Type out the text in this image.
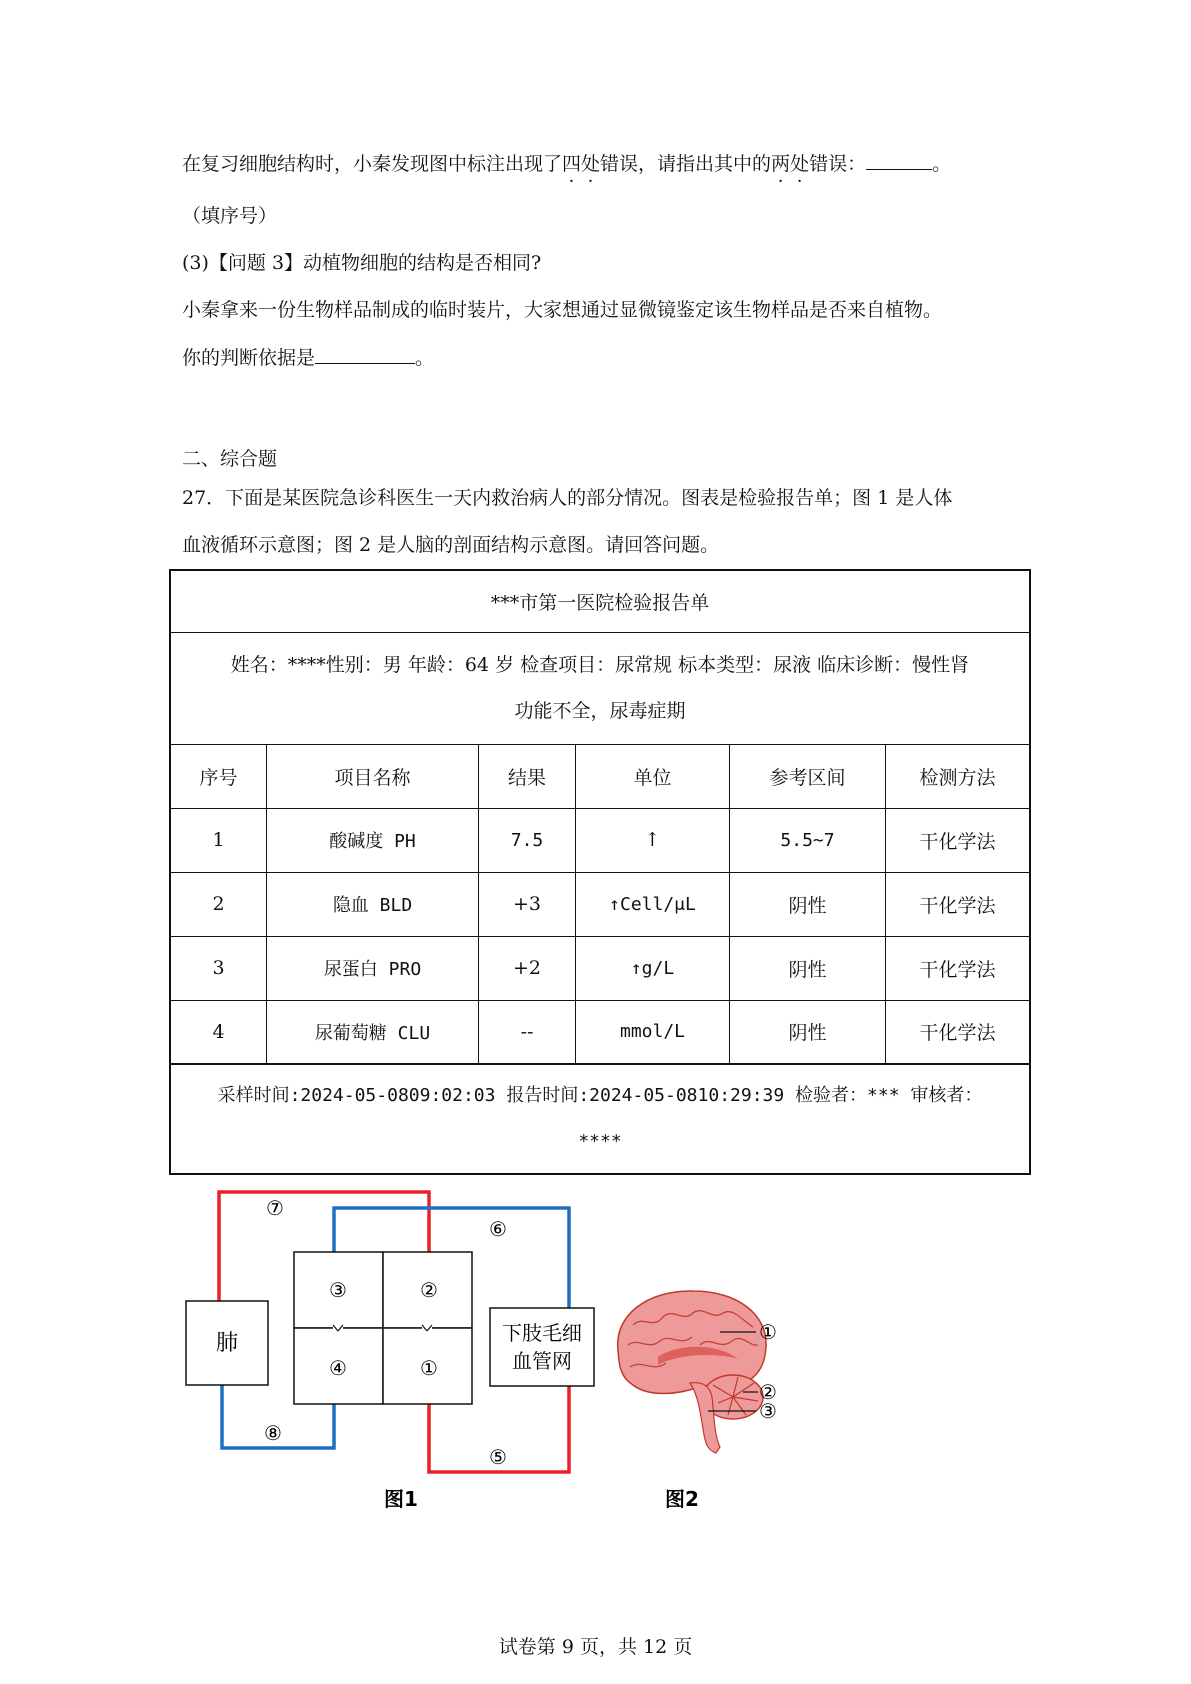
在复习细胞结构时，小秦发现图中标注出现了四处错误，请指出其中的两处错误：	。
（填序号）
(3)【问题 3】动植物细胞的结构是否相同?
小秦拿来一份生物样品制成的临时装片，大家想通过显微镜鉴定该生物样品是否来自植物。
你的判断依据是	。
二、综合题
27．下面是某医院急诊科医生一天内救治病人的部分情况。图表是检验报告单；图 1 是人体
血液循环示意图；图 2 是人脑的剖面结构示意图。请回答问题。
***市第一医院检验报告单					

姓名：****性别：男 年龄：64 岁 检查项目：尿常规 标本类型：尿液 临床诊断：慢性肾
功能不全，尿毒症期					

序号	项目名称	结果	单位	参考区间	检测方法
1	酸碱度 PH	7.5	↑	5.5~7	干化学法
2	隐血 BLD	+3	↑Cell/μL	阴性	干化学法
3	尿蛋白 PRO	+2	↑g/L	阴性	干化学法
4	尿葡萄糖 CLU	--	mmol/L	阴性	干化学法

采样时间:2024-05-0809:02:03 报告时间:2024-05-0810:29:39 检验者：*** 审核者：
****					
肺	下肢毛细
血管网
③	②
④	①
⑦
⑥
⑧
⑤
图1
①
②
③
图2
试卷第 9 页，共 12 页
